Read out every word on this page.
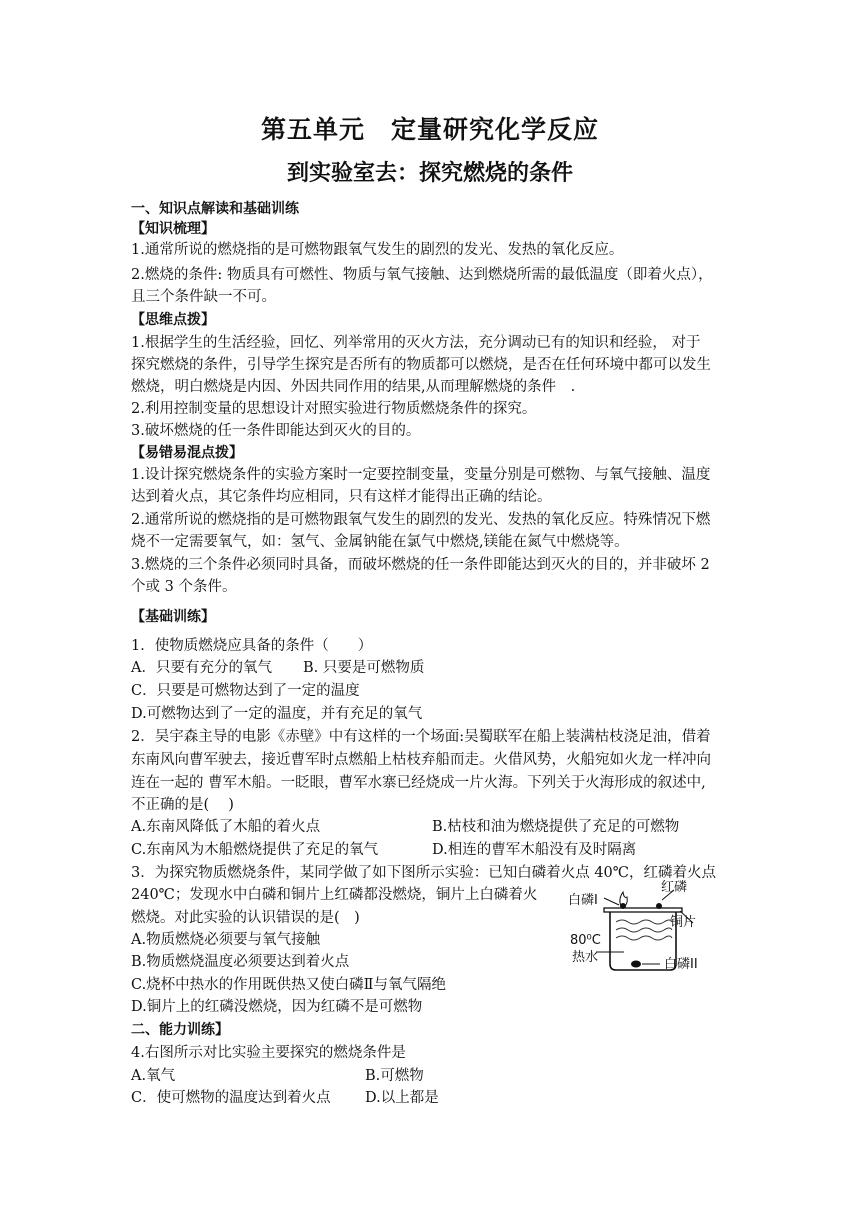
第五单元　定量研究化学反应
到实验室去：探究燃烧的条件
一、知识点解读和基础训练
【知识梳理】
1.通常所说的燃烧指的是可燃物跟氧气发生的剧烈的发光、发热的氧化反应。
2.燃烧的条件: 物质具有可燃性、物质与氧气接触、达到燃烧所需的最低温度（即着火点），
且三个条件缺一不可。
【思维点拨】
1.根据学生的生活经验，回忆、列举常用的灭火方法，充分调动已有的知识和经验， 对于
探究燃烧的条件，引导学生探究是否所有的物质都可以燃烧，是否在任何环境中都可以发生
燃烧，明白燃烧是内因、外因共同作用的结果,从而理解燃烧的条件　.
2.利用控制变量的思想设计对照实验进行物质燃烧条件的探究。
3.破坏燃烧的任一条件即能达到灭火的目的。
【易错易混点拨】
1.设计探究燃烧条件的实验方案时一定要控制变量，变量分别是可燃物、与氧气接触、温度
达到着火点，其它条件均应相同，只有这样才能得出正确的结论。
2.通常所说的燃烧指的是可燃物跟氧气发生的剧烈的发光、发热的氧化反应。特殊情况下燃
烧不一定需要氧气，如：氢气、金属钠能在氯气中燃烧,镁能在氮气中燃烧等。
3.燃烧的三个条件必须同时具备，而破坏燃烧的任一条件即能达到灭火的目的，并非破坏 2
个或 3 个条件。
【基础训练】
1．使物质燃烧应具备的条件（　　）
A．只要有充分的氧气 B. 只要是可燃物质
C．只要是可燃物达到了一定的温度
D.可燃物达到了一定的温度，并有充足的氧气
2．吴宇森主导的电影《赤壁》中有这样的一个场面:吴蜀联军在船上装满枯枝浇足油，借着
东南风向曹军驶去，接近曹军时点燃船上枯枝弃船而走。火借风势，火船宛如火龙一样冲向
连在一起的 曹军木船。一眨眼，曹军水寨已经烧成一片火海。下列关于火海形成的叙述中,
不正确的是(　 )
A.东南风降低了木船的着火点	B.枯枝和油为燃烧提供了充足的可燃物
C.东南风为木船燃烧提供了充足的氧气	D.相连的曹军木船没有及时隔离
3．为探究物质燃烧条件，某同学做了如下图所示实验：已知白磷着火点 40℃，红磷着火点
240℃；发现水中白磷和铜片上红磷都没燃烧，铜片上白磷着火
燃烧。对此实验的认识错误的是(　)
A.物质燃烧必须要与氧气接触
B.物质燃烧温度必须要达到着火点
C.烧杯中热水的作用既供热又使白磷Ⅱ与氧气隔绝
D.铜片上的红磷没燃烧，因为红磷不是可燃物
白磷I
红磷
铜片
80⁰C
热水	白磷II
二、能力训练】
4.右图所示对比实验主要探究的燃烧条件是
A.氧气	B.可燃物
C．使可燃物的温度达到着火点 D.以上都是
